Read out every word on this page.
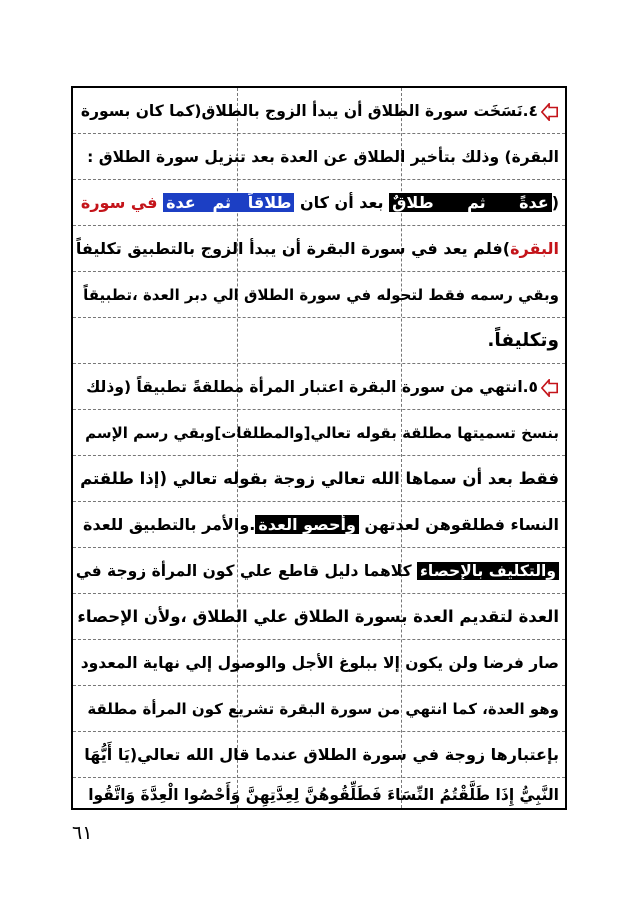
٤.نَسَخَت سورة الطلاق أن يبدأ الزوج بالطلاق(كما كان بسورة
البقرة) وذلك بتأخير الطلاق عن العدة بعد تنزيل سورة الطلاق :
(عدةً      ثم      طلاقٌ بعد أن كان طلاقاً   ثم   عدة في سورة
البقرة)فلم يعد في سورة البقرة أن يبدأ الزوج بالتطبيق تكليفاً
وبقي رسمه فقط لتحوله في سورة الطلاق الي دبر العدة ،تطبيقاً
وتكليفاً.
٥.انتهي من سورة البقرة اعتبار المرأة مطلقةً تطبيقاً (وذلك
بنسخ تسميتها مطلقة بقوله تعالي[والمطلقات]وبقي رسم الإسم
فقط بعد أن سماها الله تعالي زوجة بقوله تعالي (إذا طلقتم
النساء فطلقوهن لعدتهن وأحصو العدة.والأمر بالتطبيق للعدة
والتكليف بالإحصاء كلاهما دليل قاطع علي كون المرأة زوجة في
العدة لتقديم العدة بسورة الطلاق علي الطلاق ،ولأن الإحصاء
صار فرضا ولن يكون إلا ببلوغ الأجل والوصول إلي نهاية المعدود
وهو العدة، كما انتهي من سورة البقرة تشريع كون المرأة مطلقة
بإعتبارها زوجة في سورة الطلاق عندما قال الله تعالي(يَا أَيُّهَا
النَّبِيُّ إِذَا طَلَّقْتُمُ النِّسَاءَ فَطَلِّقُوهُنَّ لِعِدَّتِهِنَّ وَأَحْصُوا الْعِدَّةَ وَاتَّقُوا
٦١
